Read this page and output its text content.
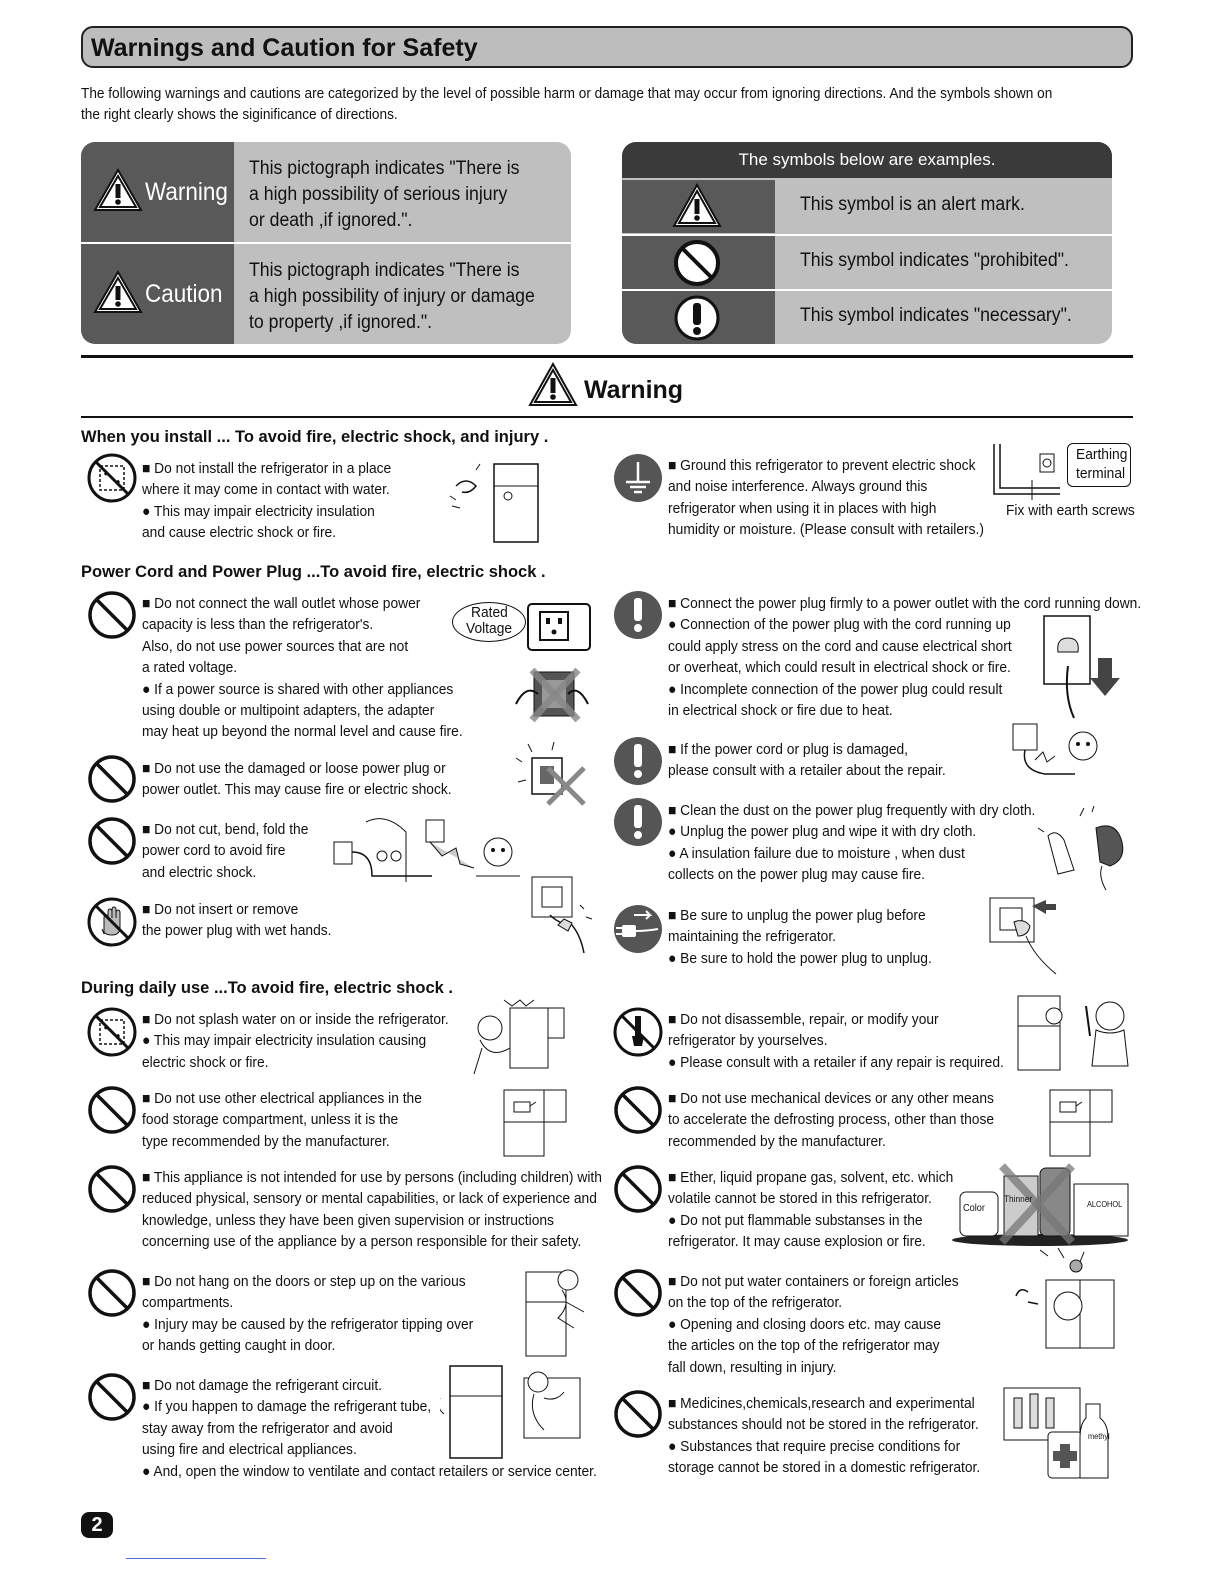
Warnings and Caution for Safety
The following warnings and cautions are categorized by the level of possible harm or damage that may occur from ignoring directions. And the symbols shown on
the right clearly shows the siginificance of directions.
Warning
This pictograph indicates "There is
a high possibility of serious injury
or death ,if ignored.".
Caution
This pictograph indicates "There is
a high possibility of injury or damage
to property ,if ignored.".
The symbols below are examples.
This symbol is an alert mark.
This symbol indicates "prohibited".
This symbol indicates "necessary".
Warning
When you install ... To avoid fire, electric shock, and injury .
Power Cord and Power Plug ...To avoid fire, electric shock .
During daily use ...To avoid fire, electric shock .
■ Do not install the refrigerator in a place
where it may come in contact with water.
● This may impair electricity insulation
and cause electric shock or fire.
■ Ground this refrigerator to prevent electric shock
and noise interference. Always ground this
refrigerator when using it in places with high
humidity or moisture. (Please consult with retailers.)
Earthing
terminal
Fix with earth screws
■ Do not connect the wall outlet whose power
capacity is less than the refrigerator's.
Also, do not use power sources that are not
a rated voltage.
● If a power source is shared with other appliances
using double or multipoint adapters, the adapter
may heat up beyond the normal level and cause fire.
Rated
Voltage
■ Connect the power plug firmly to a power outlet with the cord running down.
● Connection of the power plug with the cord running up
could apply stress on the cord and cause electrical short
or overheat, which could result in electrical shock or fire.
● Incomplete connection of the power plug could result
in electrical shock or fire due to heat.
■ Do not use the damaged or loose power plug or
power outlet. This may cause fire or electric shock.
■ If the power cord or plug is damaged,
please consult with a retailer about the repair.
■ Do not cut, bend, fold the
power cord to avoid fire
and electric shock.
■ Clean the dust on the power plug frequently with dry cloth.
● Unplug the power plug and wipe it with dry cloth.
● A insulation failure due to moisture , when dust
collects on the power plug may cause fire.
■ Do not insert or remove
the power plug with wet hands.
■ Be sure to unplug the power plug before
maintaining the refrigerator.
● Be sure to hold the power plug to unplug.
■ Do not splash water on or inside the refrigerator.
● This may impair electricity insulation causing
electric shock or fire.
■ Do not disassemble, repair, or modify your
refrigerator by yourselves.
● Please consult with a retailer if any repair is required.
■ Do not use other electrical appliances in the
food storage compartment, unless it is the
type recommended by the manufacturer.
■ Do not use mechanical devices or any other means
to accelerate the defrosting process, other than those
recommended by the manufacturer.
■ This appliance is not intended for use by persons (including children) with
reduced physical, sensory or mental capabilities, or lack of experience and
knowledge, unless they have been given supervision or instructions
concerning use of the appliance by a person responsible for their safety.
■ Ether, liquid propane gas, solvent, etc. which
volatile cannot be stored in this refrigerator.
● Do not put flammable substanses in the
refrigerator. It may cause explosion or fire.
Color
Thinner
ALCOHOL
■ Do not hang on the doors or step up on the various
compartments.
● Injury may be caused by the refrigerator tipping over
or hands getting caught in door.
■ Do not put water containers or foreign articles
on the top of the refrigerator.
● Opening and closing doors etc. may cause
the articles on the top of the refrigerator may
fall down, resulting in injury.
■ Do not damage the refrigerant circuit.
● If you happen to damage the refrigerant tube,
stay away from the refrigerator and avoid
using fire and electrical appliances.
● And, open the window to ventilate and contact retailers or service center.
■ Medicines,chemicals,research and experimental
substances should not be stored in the refrigerator.
● Substances that require precise conditions for
storage cannot be stored in a domestic refrigerator.
methyl
2
